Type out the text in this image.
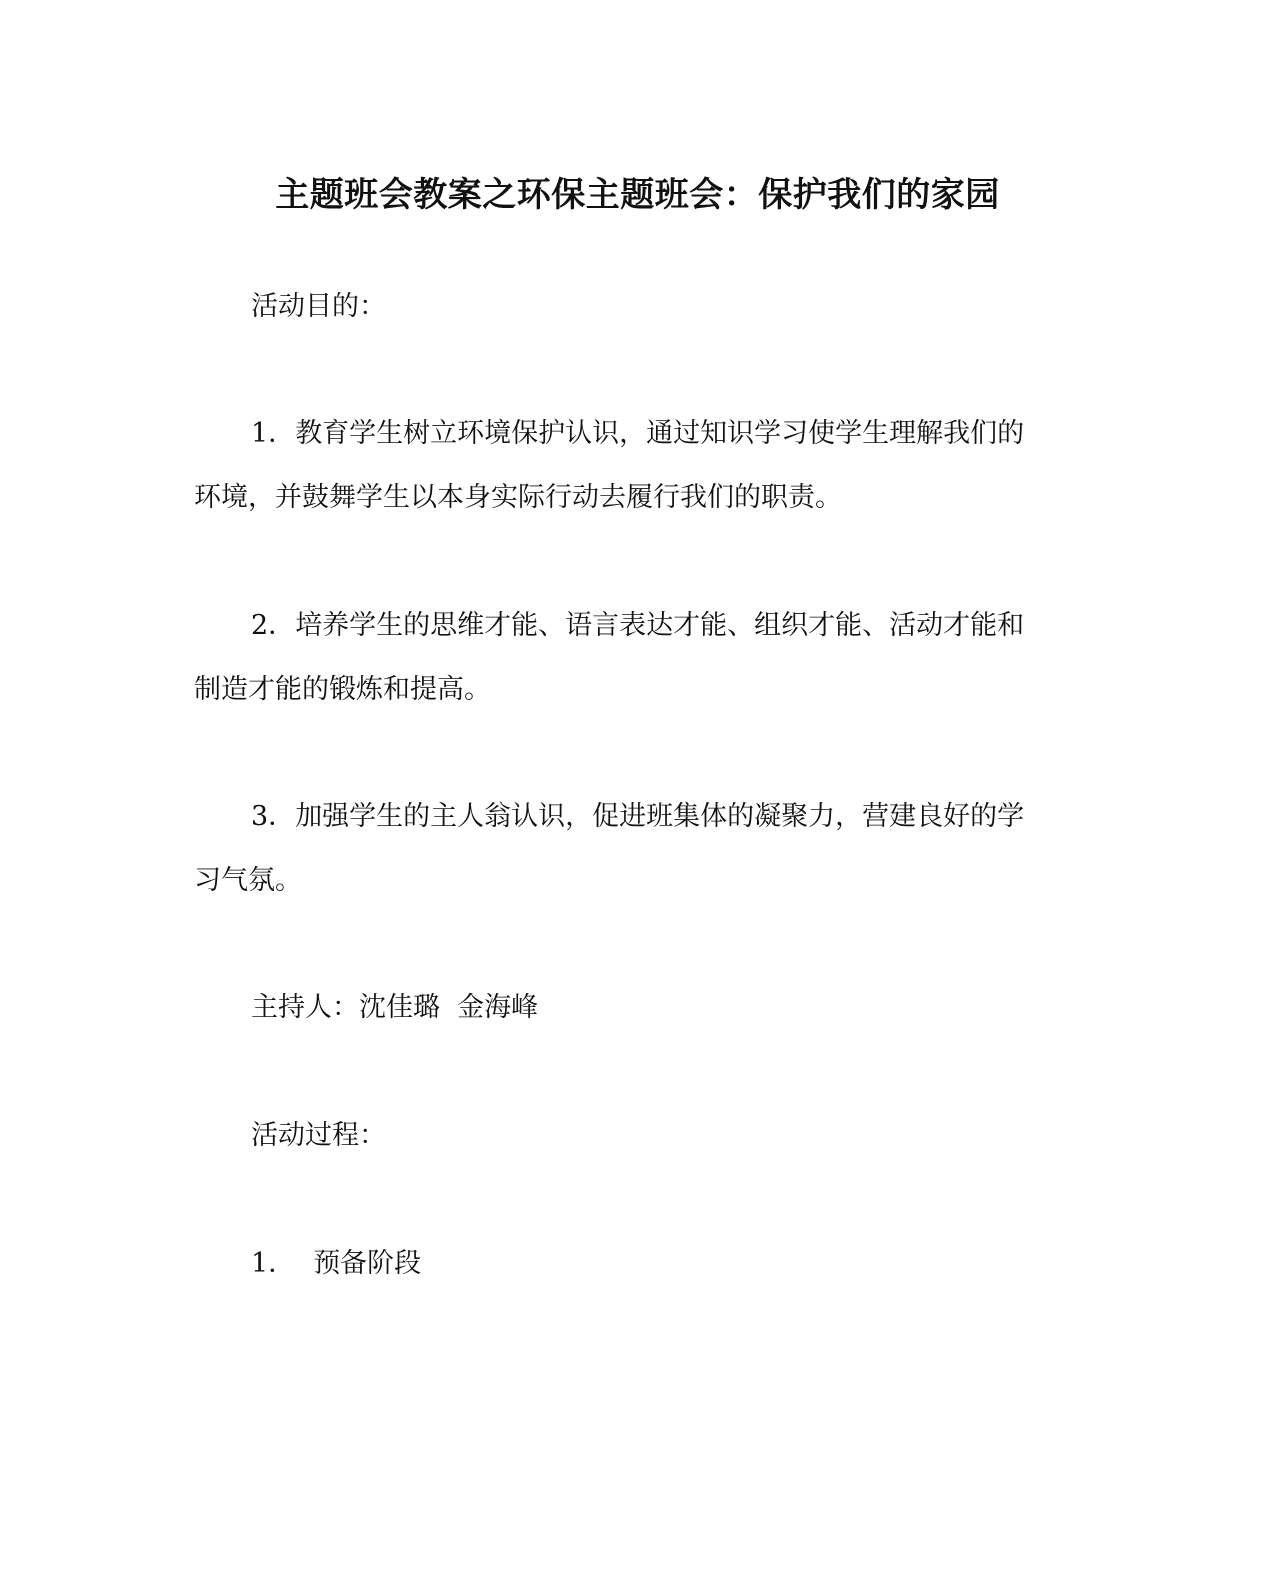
主题班会教案之环保主题班会：保护我们的家园

活动目的：

1．教育学生树立环境保护认识，通过知识学习使学生理解我们的环境，并鼓舞学生以本身实际行动去履行我们的职责。

2．培养学生的思维才能、语言表达才能、组织才能、活动才能和制造才能的锻炼和提高。

3．加强学生的主人翁认识，促进班集体的凝聚力，营建良好的学习气氛。

主持人：沈佳璐  金海峰

活动过程：

1． 预备阶段
